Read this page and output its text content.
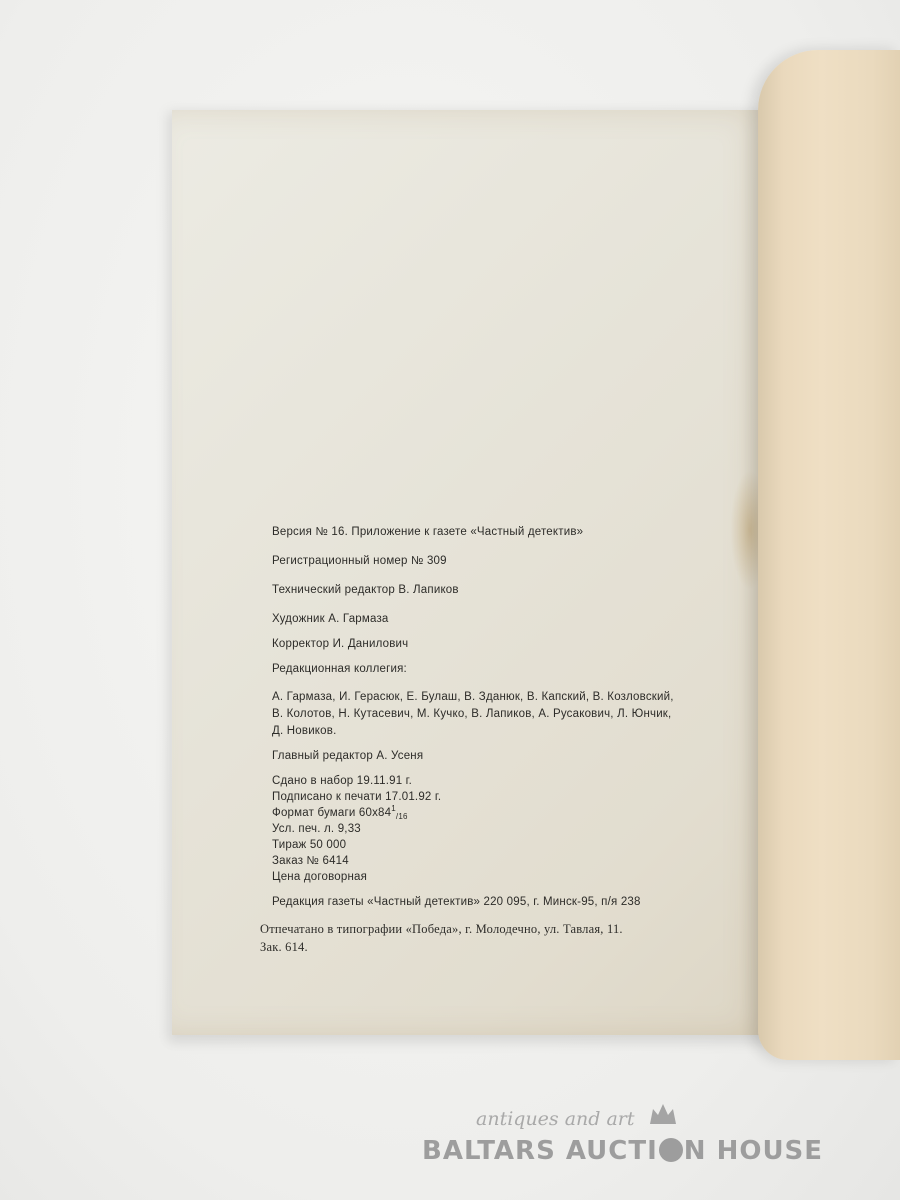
Версия № 16. Приложение к газете «Частный детектив»
Регистрационный номер № 309
Технический редактор В. Лапиков
Художник А. Гармаза
Корректор И. Данилович
Редакционная коллегия:
А. Гармаза, И. Герасюк, Е. Булаш, В. Зданюк, В. Капский, В. Козловский,
В. Колотов, Н. Кутасевич, М. Кучко, В. Лапиков, А. Русакович, Л. Юнчик,
Д. Новиков.
Главный редактор А. Усеня
Сдано в набор 19.11.91 г.
Подписано к печати 17.01.92 г.
Формат бумаги $60x84^1_{/16}$
Усл. печ. л. 9,33
Тираж 50 000
Заказ № 6414
Цена договорная
Редакция газеты «Частный детектив» 220 095, г. Минск-95, п/я 238
Отпечатано в типографии «Победа», г. Молодечно, ул. Тавлая, 11.
Зак. 614.
antiques and art
BALTARS AUCTI N HOUSE
